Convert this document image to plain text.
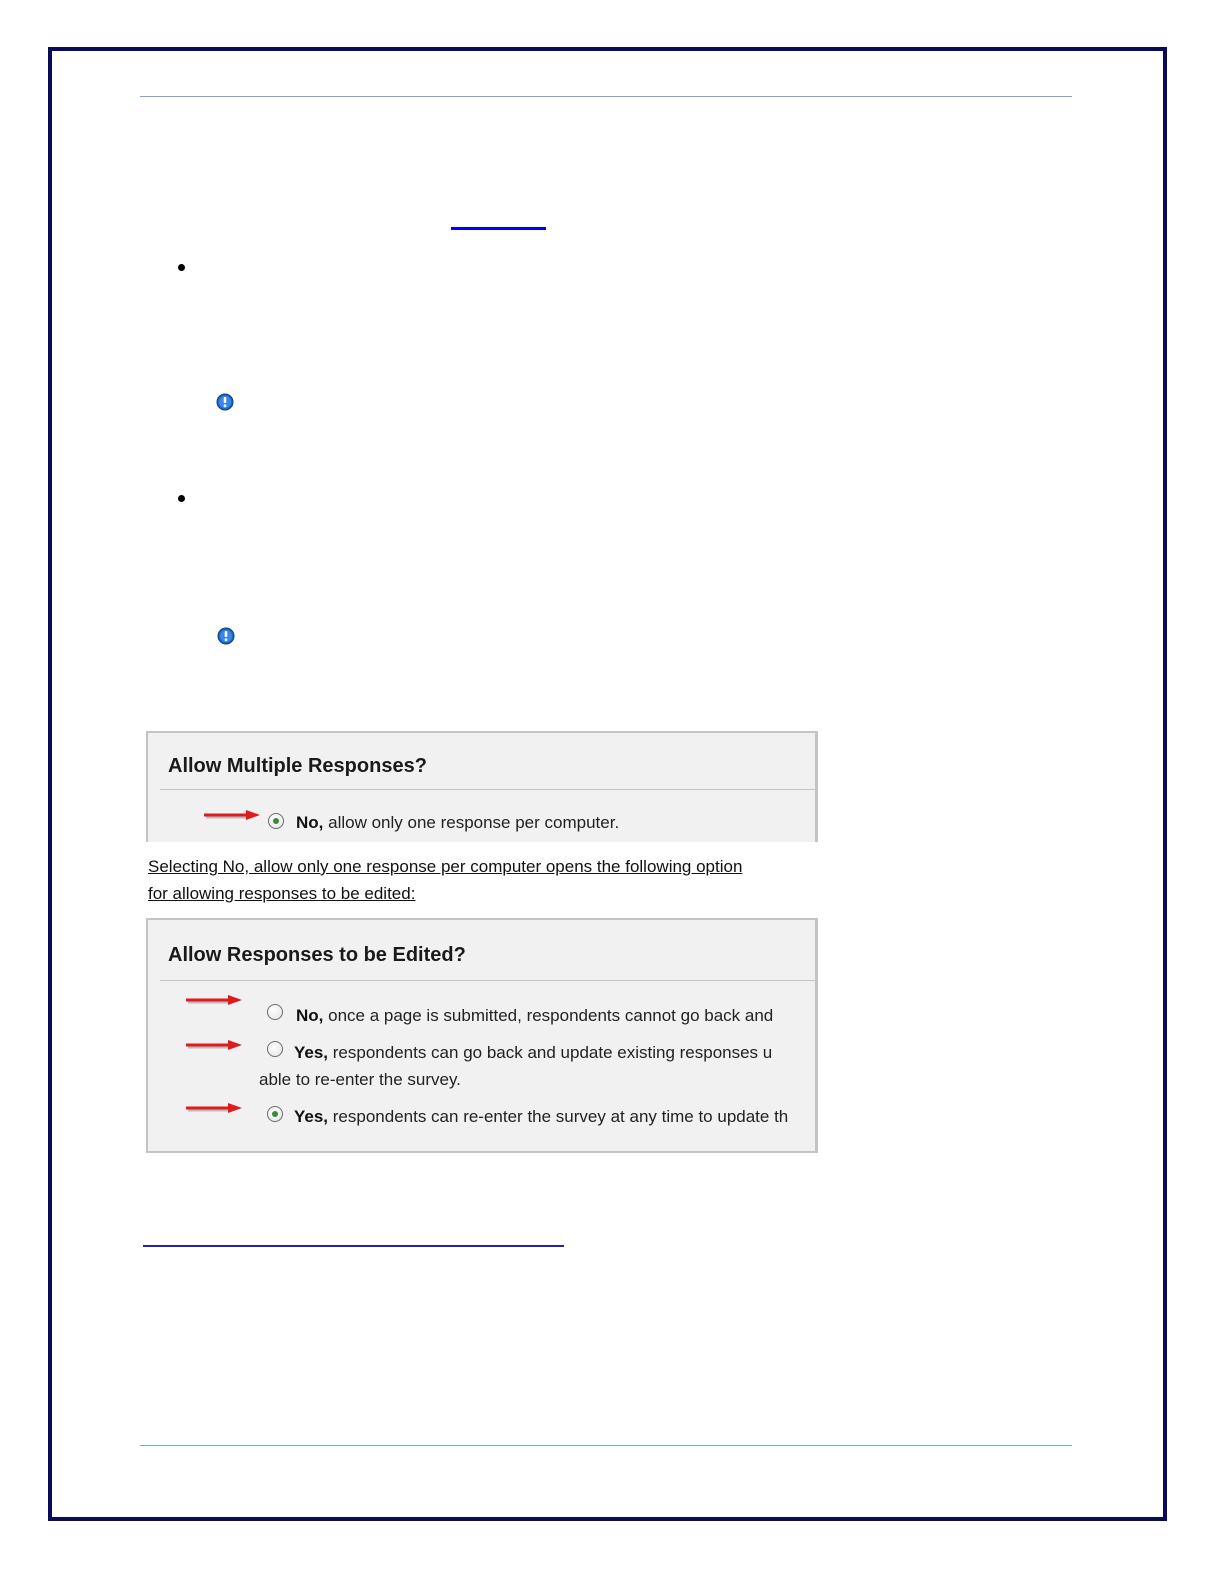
Allow Multiple Responses?
No, allow only one response per computer.
Selecting No, allow only one response per computer opens the following option
for allowing responses to be edited:
Allow Responses to be Edited?
No, once a page is submitted, respondents cannot go back and
Yes, respondents can go back and update existing responses u
able to re-enter the survey.
Yes, respondents can re-enter the survey at any time to update th
